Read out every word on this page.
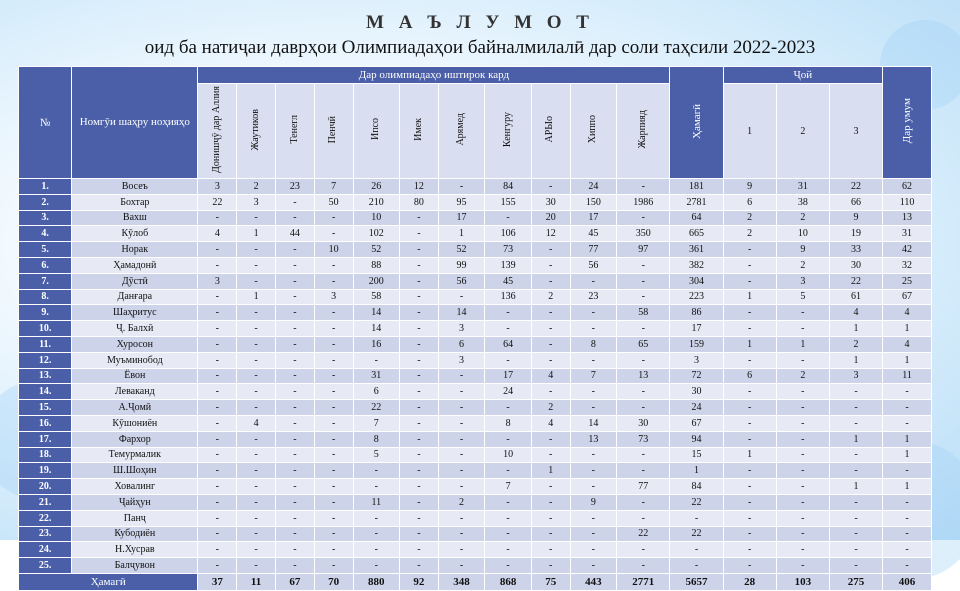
М А Ъ Л У М О Т
оид ба натиҷаи даврҳои Олимпиадаҳои байналмилалӣ дар соли таҳсили 2022-2023
№	Номгӯи шаҳру ноҳияҳо	Дар олимпиадаҳо иштирок кард											Ҳамагӣ	Ҷой			Дар умум
		Донишҷӯ дар Аллия	Жаутиков	Тенегл	Пенчӣ	Ипсо	Имек	Арямед	Кенгуру	АРЫо	Хиппо	Жарпияд		1	2	3	
1.	Восеъ	3	2	23	7	26	12	-	84	-	24	-	181	9	31	22	62
2.	Бохтар	22	3	-	50	210	80	95	155	30	150	1986	2781	6	38	66	110
3.	Вахш	-	-	-	-	10	-	17	-	20	17	-	64	2	2	9	13
4.	Кӯлоб	4	1	44	-	102	-	1	106	12	45	350	665	2	10	19	31
5.	Норак	-	-	-	10	52	-	52	73	-	77	97	361	-	9	33	42
6.	Ҳамадонӣ	-	-	-	-	88	-	99	139	-	56	-	382	-	2	30	32
7.	Дӯстӣ	3	-	-	-	200	-	56	45	-	-	-	304	-	3	22	25
8.	Данғара	-	1	-	3	58	-	-	136	2	23	-	223	1	5	61	67
9.	Шаҳритус	-	-	-	-	14	-	14	-	-	-	58	86	-	-	4	4
10.	Ҷ. Балхӣ	-	-	-	-	14	-	3	-	-	-	-	17	-	-	1	1
11.	Хуросон	-	-	-	-	16	-	6	64	-	8	65	159	1	1	2	4
12.	Муъминобод	-	-	-	-	-	-	3	-	-	-	-	3	-	-	1	1
13.	Ёвон	-	-	-	-	31	-	-	17	4	7	13	72	6	2	3	11
14.	Леваканд	-	-	-	-	6	-	-	24	-	-	-	30	-	-	-	-
15.	А.Ҷомӣ	-	-	-	-	22	-	-	-	2	-	-	24	-	-	-	-
16.	Кӯшониён	-	4	-	-	7	-	-	8	4	14	30	67	-	-	-	-
17.	Фархор	-	-	-	-	8	-	-	-	-	13	73	94	-	-	1	1
18.	Темурмалик	-	-	-	-	5	-	-	10	-	-	-	15	1	-	-	1
19.	Ш.Шоҳин	-	-	-	-	-	-	-	-	1	-	-	1	-	-	-	-
20.	Ховалинг	-	-	-	-	-	-	-	7	-	-	77	84	-	-	1	1
21.	Ҷайҳун	-	-	-	-	11	-	2	-	-	9	-	22	-	-	-	-
22.	Панҷ	-	-	-	-	-	-	-	-	-	-	-	-	-	-	-	-
23.	Кубодиён	-	-	-	-	-	-	-	-	-	-	22	22	-	-	-	-
24.	Н.Хусрав	-	-	-	-	-	-	-	-	-	-	-	-	-	-	-	-
25.	Балҷувон	-	-	-	-	-	-	-	-	-	-	-	-	-	-	-	-
Ҳамагӣ		37	11	67	70	880	92	348	868	75	443	2771	5657	28	103	275	406
